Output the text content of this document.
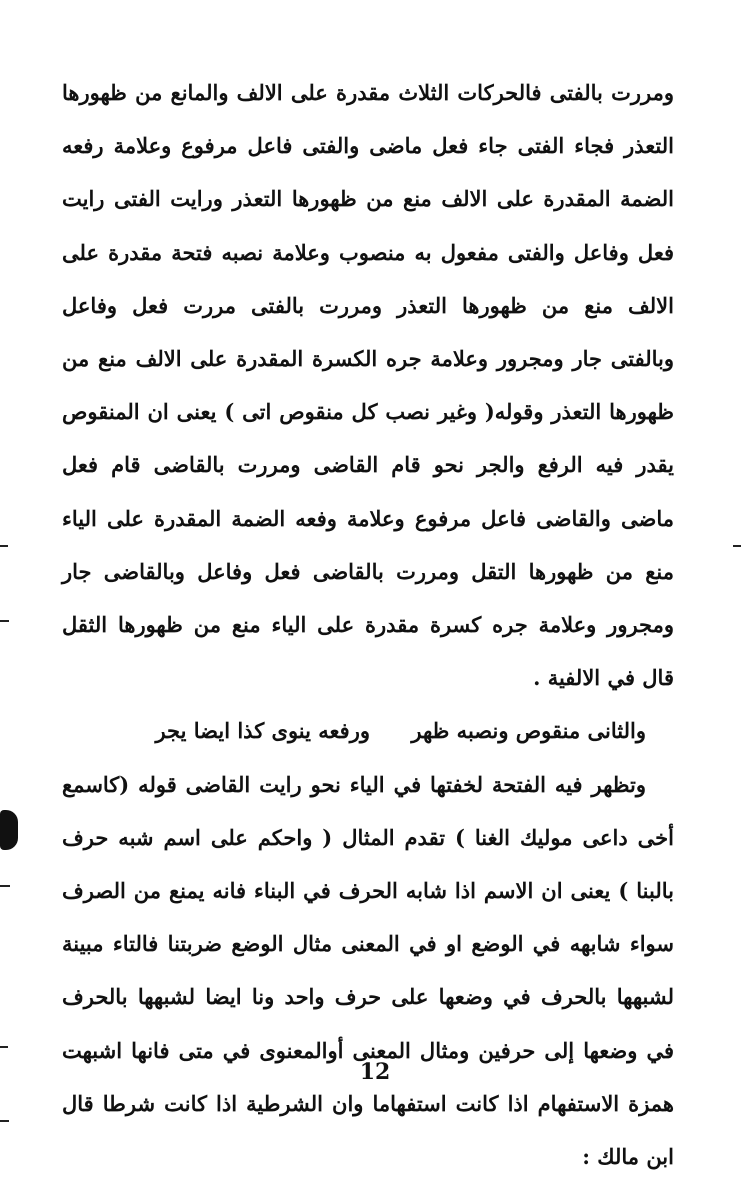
ومررت بالفتى فالحركات الثلاث مقدرة على الالف والمانع من ظهورها التعذر فجاء الفتى جاء فعل ماضى والفتى فاعل مرفوع وعلامة رفعه الضمة المقدرة على الالف منع من ظهورها التعذر ورايت الفتى رايت فعل وفاعل والفتى مفعول به منصوب وعلامة نصبه فتحة مقدرة على الالف منع من ظهورها التعذر ومررت بالفتى مررت فعل وفاعل وبالفتى جار ومجرور وعلامة جره الكسرة المقدرة على الالف منع من ظهورها التعذر وقوله( وغير نصب كل منقوص اتى ) يعنى ان المنقوص يقدر فيه الرفع والجر نحو قام القاضى ومررت بالقاضى قام فعل ماضى والقاضى فاعل مرفوع وعلامة وفعه الضمة المقدرة على الياء منع من ظهورها التقل ومررت بالقاضى فعل وفاعل وبالقاضى جار ومجرور وعلامة جره كسرة مقدرة على الياء منع من ظهورها الثقل قال في الالفية .

والثانى منقوص ونصبه ظهر
ورفعه ينوى كذا ايضا يجر

وتظهر فيه الفتحة لخفتها في الياء نحو رايت القاضى قوله (كاسمع أخى داعى موليك الغنا ) تقدم المثال ( واحكم على اسم شبه حرف بالبنا ) يعنى ان الاسم اذا شابه الحرف في البناء فانه يمنع من الصرف سواء شابهه في الوضع او في المعنى مثال الوضع ضربتنا فالتاء مبينة لشبهها بالحرف في وضعها على حرف واحد ونا ايضا لشبهها بالحرف في وضعها إلى حرفين ومثال المعنى أوالمعنوى في متى فانها اشبهت همزة الاستفهام اذا كانت استفهاما وان الشرطية اذا كانت شرطا قال ابن مالك :

12
